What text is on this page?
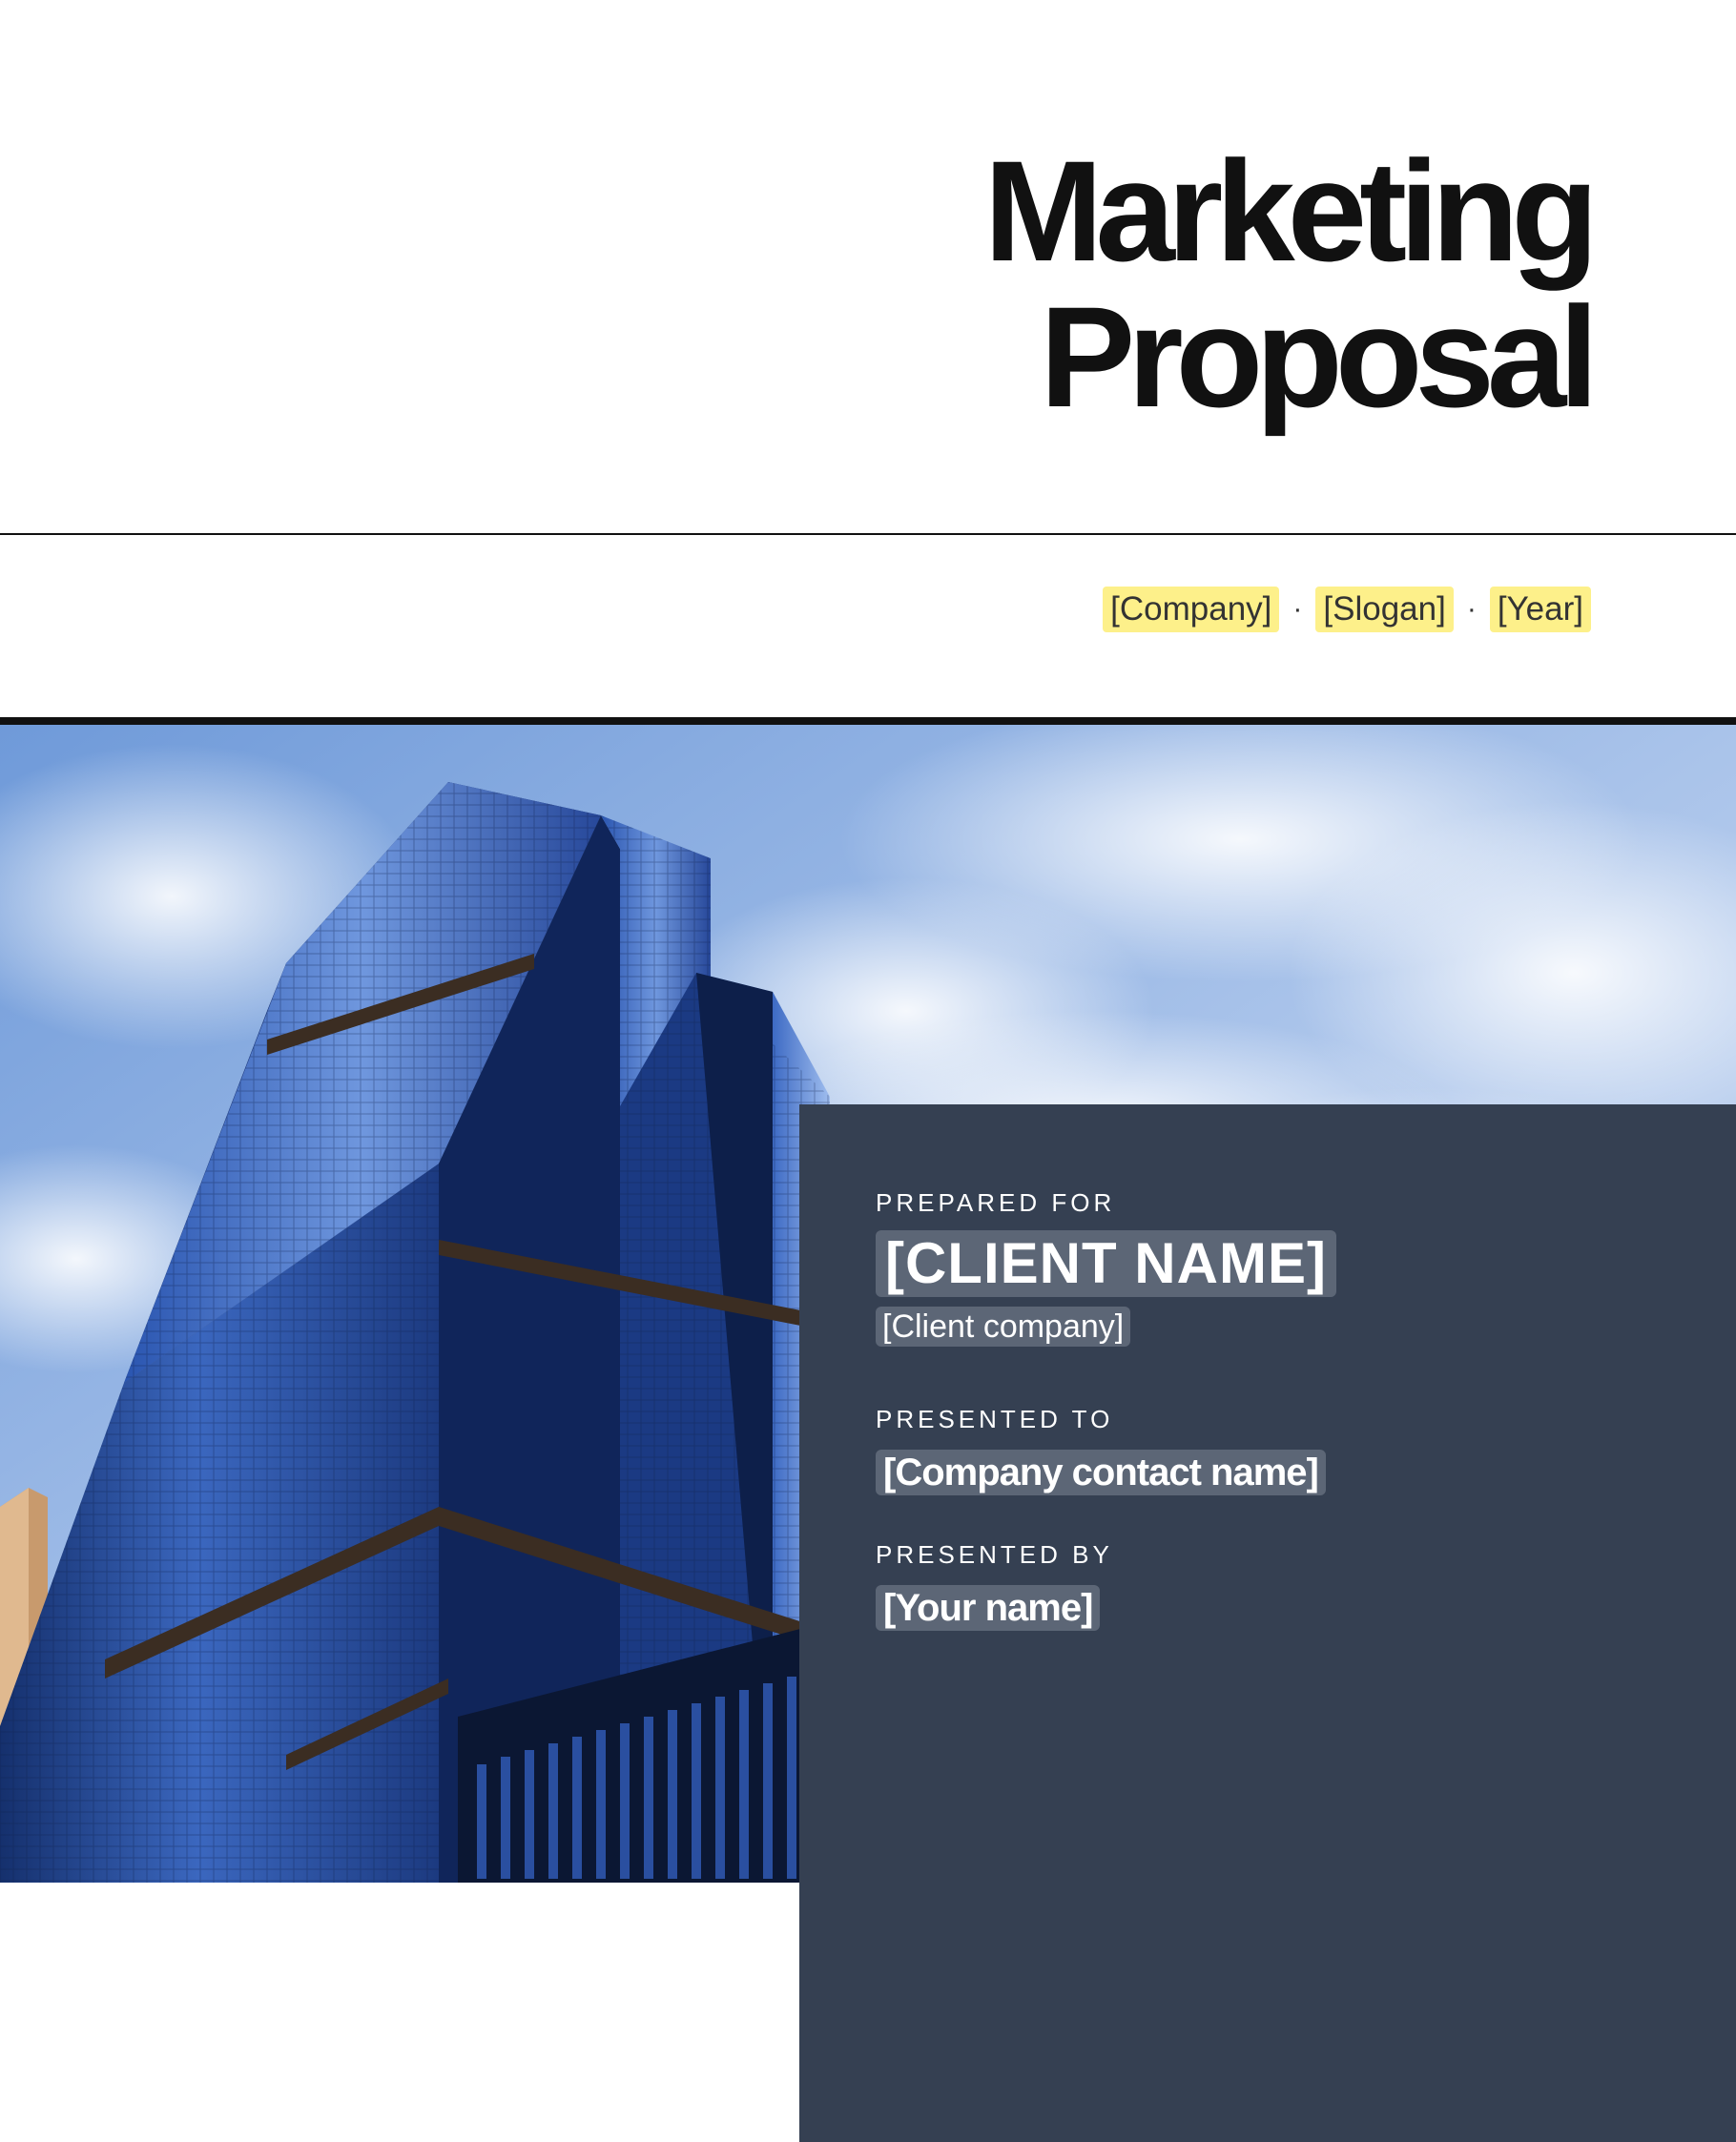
Marketing
Proposal
[Company] · [Slogan] · [Year]
PREPARED FOR
[CLIENT NAME]
[Client company]
PRESENTED TO
[Company contact name]
PRESENTED BY
[Your name]
